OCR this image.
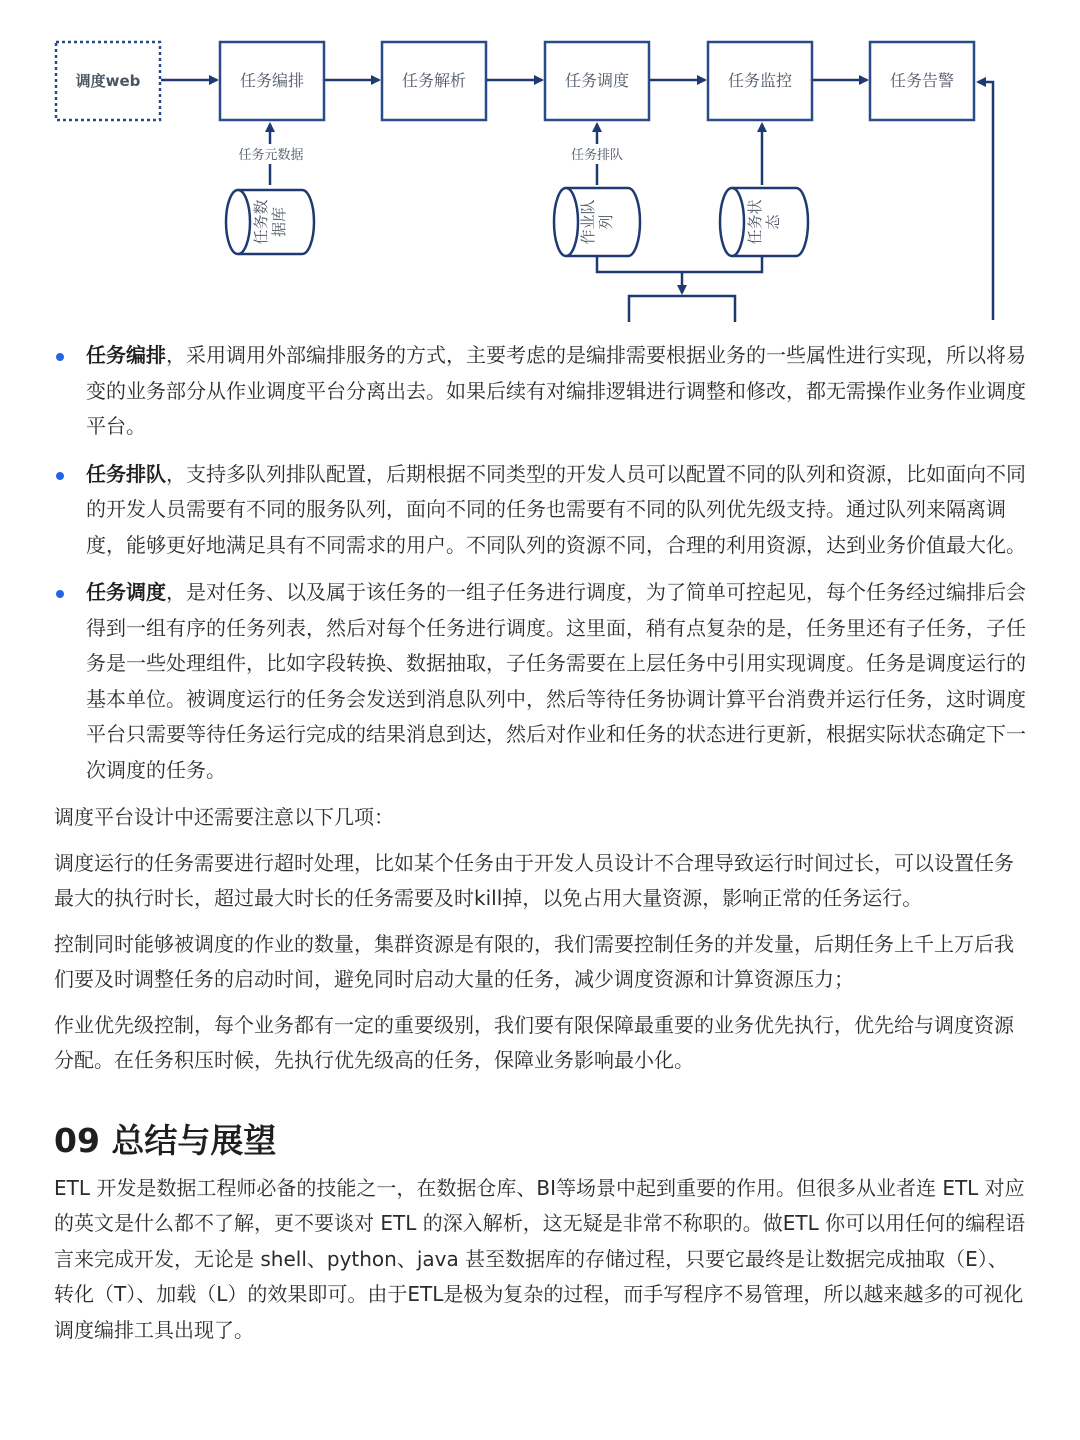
调度web	任务编排	任务解析	任务调度	任务监控	任务告警
任务元数据	任务排队
任务数 据库	作业队 列	任务状 态
任务编排，采用调用外部编排服务的方式，主要考虑的是编排需要根据业务的一些属性进行实现，所以将易变的业务部分从作业调度平台分离出去。如果后续有对编排逻辑进行调整和修改，都无需操作业务作业调度平台。
任务排队，支持多队列排队配置，后期根据不同类型的开发人员可以配置不同的队列和资源，比如面向不同的开发人员需要有不同的服务队列，面向不同的任务也需要有不同的队列优先级支持。通过队列来隔离调度，能够更好地满足具有不同需求的用户。不同队列的资源不同，合理的利用资源，达到业务价值最大化。
任务调度，是对任务、以及属于该任务的一组子任务进行调度，为了简单可控起见，每个任务经过编排后会得到一组有序的任务列表，然后对每个任务进行调度。这里面，稍有点复杂的是，任务里还有子任务，子任务是一些处理组件，比如字段转换、数据抽取，子任务需要在上层任务中引用实现调度。任务是调度运行的基本单位。被调度运行的任务会发送到消息队列中，然后等待任务协调计算平台消费并运行任务，这时调度平台只需要等待任务运行完成的结果消息到达，然后对作业和任务的状态进行更新，根据实际状态确定下一次调度的任务。

调度平台设计中还需要注意以下几项：

调度运行的任务需要进行超时处理，比如某个任务由于开发人员设计不合理导致运行时间过长，可以设置任务最大的执行时长，超过最大时长的任务需要及时kill掉，以免占用大量资源，影响正常的任务运行。

控制同时能够被调度的作业的数量，集群资源是有限的，我们需要控制任务的并发量，后期任务上千上万后我们要及时调整任务的启动时间，避免同时启动大量的任务，减少调度资源和计算资源压力；

作业优先级控制，每个业务都有一定的重要级别，我们要有限保障最重要的业务优先执行，优先给与调度资源分配。在任务积压时候，先执行优先级高的任务，保障业务影响最小化。

09 总结与展望

ETL 开发是数据工程师必备的技能之一，在数据仓库、BI等场景中起到重要的作用。但很多从业者连 ETL 对应的英文是什么都不了解，更不要谈对 ETL 的深入解析，这无疑是非常不称职的。做ETL 你可以用任何的编程语言来完成开发，无论是 shell、python、java 甚至数据库的存储过程，只要它最终是让数据完成抽取（E）、转化（T）、加载（L）的效果即可。由于ETL是极为复杂的过程，而手写程序不易管理，所以越来越多的可视化调度编排工具出现了。
